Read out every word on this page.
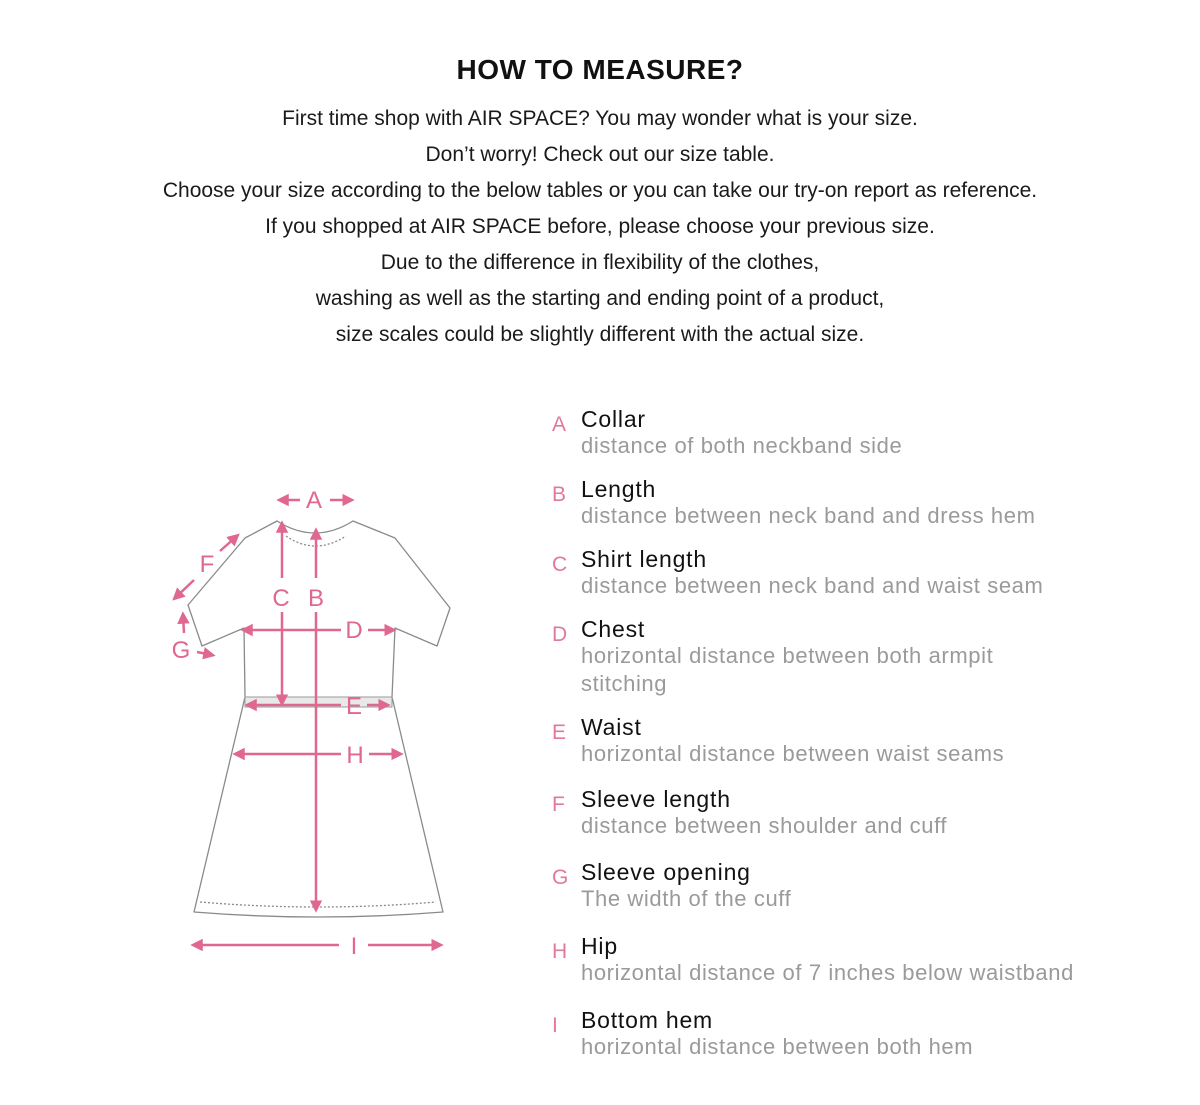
HOW TO MEASURE?
First time shop with AIR SPACE? You may wonder what is your size.
Don’t worry! Check out our size table.
Choose your size according to the below tables or you can take our try-on report as reference.
If you shopped at AIR SPACE before, please choose your previous size.
Due to the difference in flexibility of the clothes,
washing as well as the starting and ending point of a product,
size scales could be slightly different with the actual size.
A
B
C
D
E
F
G
H
I
A Collar
distance of both neckband side
B Length
distance between neck band and dress hem
C Shirt length
distance between neck band and waist seam
D Chest
horizontal distance between both armpit stitching
E Waist
horizontal distance between waist seams
F Sleeve length
distance between shoulder and cuff
G Sleeve opening
The width of the cuff
H Hip
horizontal distance of 7 inches below waistband
I Bottom hem
horizontal distance between both hem
